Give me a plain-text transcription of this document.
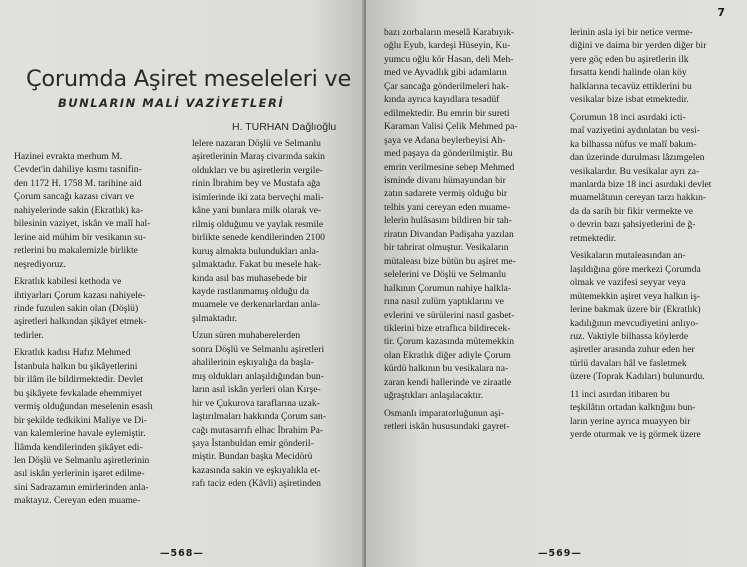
Çorumda Aşiret meseleleri ve
BUNLARIN MALİ VAZİYETLERİ
H. TURHAN Dağlıoğlu
Hazinei evrakta merhum M.
Cevdet'in dahiliye kısmı tasnifin-
den 1172 H. 1758 M. tarihine aid
Çorum sancağı kazası civarı ve
nahiyelerinde sakin (Ekratlık) ka-
bilesinin vaziyet, iskân ve malî hal-
lerine aid mühim bir vesikanın su-
retlerini bu makalemizle birlikte
neşrediyoruz.
Ekratlık kabilesi kethoda ve
ihtiyarları Çorum kazası nahiyele-
rinde fuzulen sakin olan (Döşlü)
aşiretleri halkından şikâyet etmek-
tedirler.
Ekratlık kadısı Hafız Mehmed
İstanbula halkın bu şikâyetlerini
bir ilâm ile bildirmektedir. Devlet
bu şikâyete fevkalade ehemmiyet
vermiş olduğundan meselenin esaslı
bir şekilde tedkikini Maliye ve Di-
van kalemlerine havale eylemiştir.
İlâmda kendilerinden şikâyet edi-
len Döşlü ve Selmanlu aşiretlerinin
asıl iskân yerlerinin işaret edilme-
sini Sadrazamın emirlerinden anla-
maktayız. Cereyan eden muame-
lelere nazaran Döşlü ve Selmanlu
aşiretlerinin Maraş civarında sakin
oldukları ve bu aşiretlerin vergile-
rinin İbrahim bey ve Mustafa ağa
isimlerinde iki zata berveçhi mali-
kâne yani bunlara milk olarak ve-
rilmiş olduğunu ve yaylak resmile
birlikte senede kendilerinden 2100
kuruş almakta bulundukları anla-
şılmaktadır. Fakat bu mesele hak-
kında asıl bas muhasebede bir
kayde rastlanmamış olduğu da
muamele ve derkenarlardan anla-
şılmaktadır.
Uzun süren muhaberelerden
sonra Döşlü ve Selmanlu aşiretleri
ahalilerinin eşkıyalığa da başla-
mış oldukları anlaşıldığından bun-
ların asıl iskân yerleri olan Kırşe-
hir ve Çukurova taraflarına uzak-
laştırılmaları hakkında Çorum san-
cağı mutasarrıfı elhac İbrahim Pa-
şaya İstanbuldan emir gönderil-
miştir. Bundan başka Mecidörü
kazasında sakin ve eşkıyalıkla et-
rafı taciz eden (Kâvli) aşiretinden
—568—
7
bazı zorbaların meselâ Karabıyık-
oğlu Eyub, kardeşi Hüseyin, Ku-
yumcu oğlu kör Hasan, deli Meh-
med ve Ayvadlık gibi adamların
Çar sancağa gönderilmeleri hak-
kında ayrıca kayıdlara tesadüf
edilmektedir. Bu emrin bir sureti
Karaman Valisi Çelik Mehmed pa-
şaya ve Adana beylerbeyisi Ah-
med paşaya da gönderilmiştir. Bu
emrin verilmesine sebep Mehmed
isminde divanı hümayundan bir
zatın sadarete vermiş olduğu bir
telhis yani cereyan eden muame-
lelerin hulâsasını bildiren bir tah-
riratın Divandan Padişaha yazılan
bir tahrirat olmuştur. Vesikaların
mütaleası bize bütün bu aşiret me-
selelerini ve Döşlü ve Selmanlu
halkının Çorumun nahiye halkla-
rına nasıl zulüm yaptıklarını ve
evlerini ve sürülerini nasıl gasbet-
tiklerini bize etraflıca bildirecek-
tir. Çorum kazasında mütemekkin
olan Ekratlık diğer adiyle Çorum
kürdü halkının bu vesikalara na-
zaran kendi hallerinde ve ziraatle
uğraştıkları anlaşılacaktır.
Osmanlı imparatorluğunun aşi-
retleri iskân hususundaki gayret-
lerinin asla iyi bir netice verme-
diğini ve daima bir yerden diğer bir
yere göç eden bu aşiretlerin ilk
fırsatta kendi halinde olan köy
halklarına tecavüz ettiklerini bu
vesikalar bize isbat etmektedir.
Çorumun 18 inci asırdaki icti-
maî vaziyetini aydınlatan bu vesi-
ka bilhassa nüfus ve malî bakım-
dan üzerinde durulması lâzımgelen
vesikalardır. Bu vesikalar ayrı za-
manlarda bize 18 inci asırdaki devlet
muamelâtının cereyan tarzı hakkın-
da da sarih bir fikir vermekte ve
o devrin bazı şahsiyetlerini de ğ-
retmektedir.
Vesikaların mutaleasından an-
laşıldığına göre merkezi Çorumda
olmak ve vazifesi seyyar veya
mütemekkin aşiret veya halkın iş-
lerine bakmak üzere bir (Ekratlık)
kadılığının mevcudiyetini anlıyo-
ruz. Vaktiyle bilhassa köylerde
aşiretler arasında zuhur eden her
türlü davaları hâl ve fasletmek
üzere (Toprak Kadıları) bulunurdu.
11 inci asırdan itibaren bu
teşkilâtın ortadan kalktığını bun-
ların yerine ayrıca muayyen bir
yerde oturmak ve iş görmek üzere
—569—
